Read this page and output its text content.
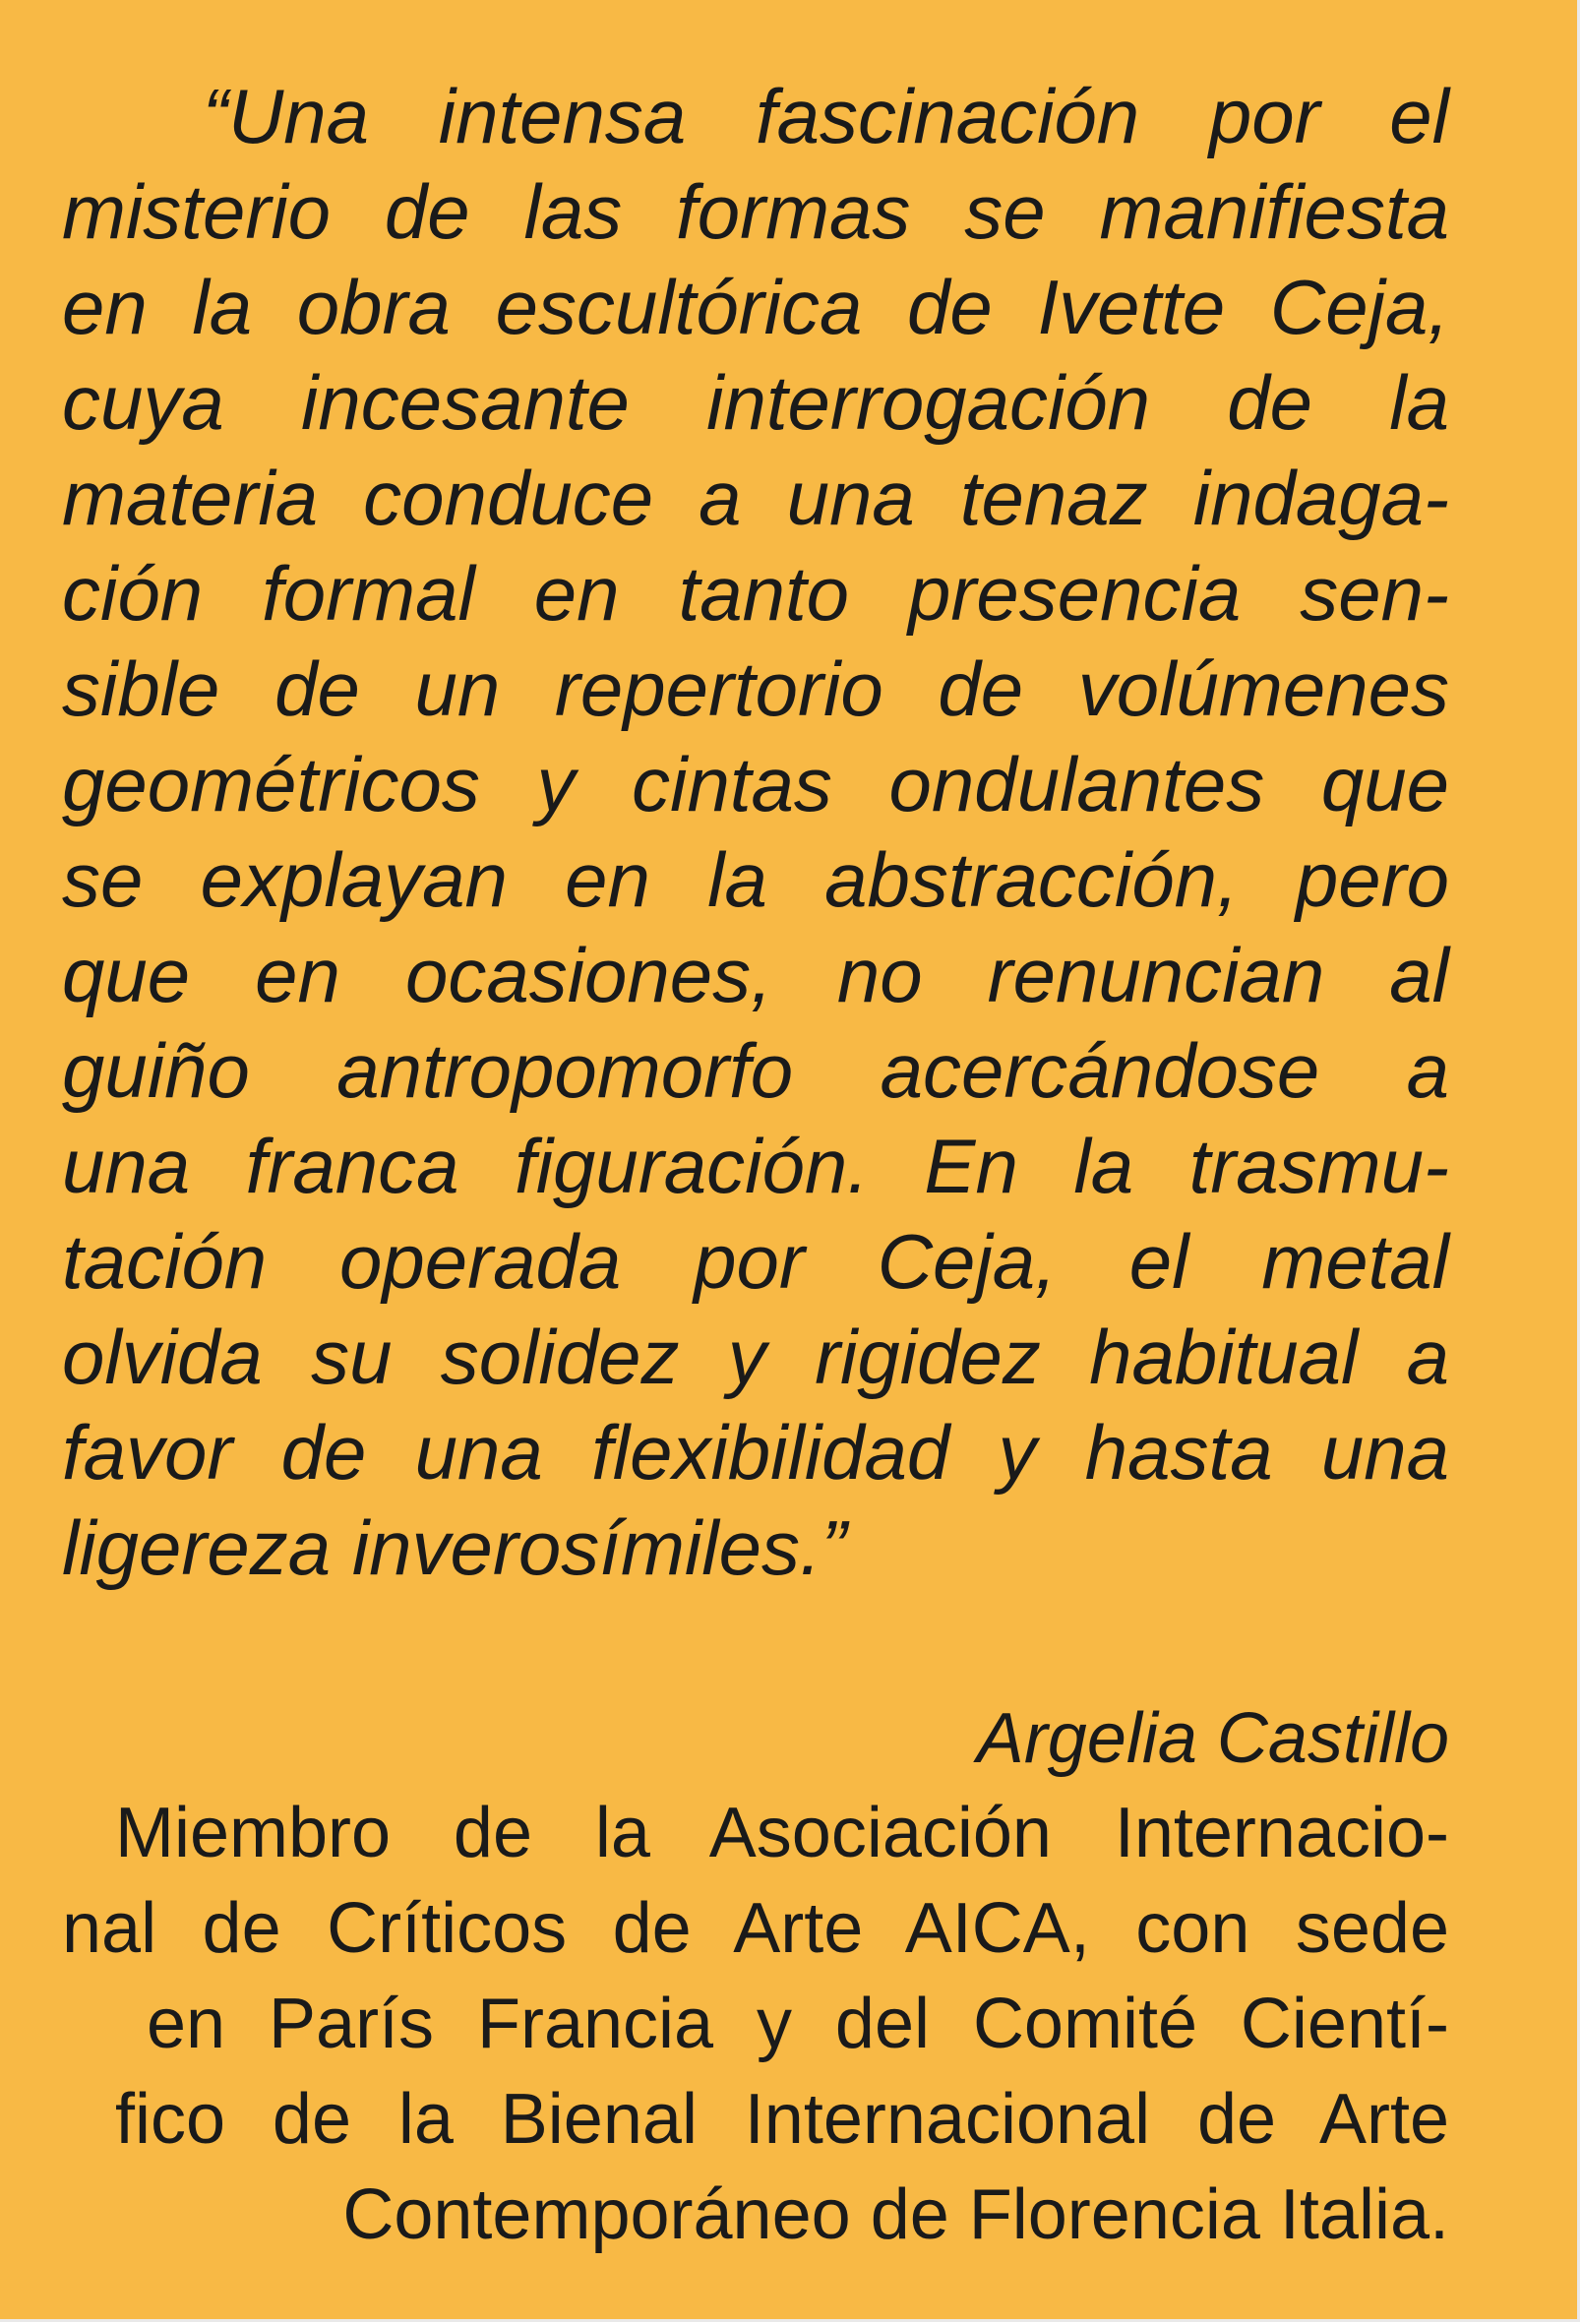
“Una intensa fascinación por el
misterio de las formas se manifiesta
en la obra escultórica de Ivette Ceja,
cuya incesante interrogación de la
materia conduce a una tenaz indaga-
ción formal en tanto presencia sen-
sible de un repertorio de volúmenes
geométricos y cintas ondulantes que
se explayan en la abstracción, pero
que en ocasiones, no renuncian al
guiño antropomorfo acercándose a
una franca figuración. En la trasmu-
tación operada por Ceja, el metal
olvida su solidez y rigidez habitual a
favor de una flexibilidad y hasta una
ligereza inverosímiles.”
Argelia Castillo
Miembro de la Asociación Internacio-
nal de Críticos de Arte AICA, con sede
en París Francia y del Comité Cientí-
fico de la Bienal Internacional de Arte
Contemporáneo de Florencia Italia.
